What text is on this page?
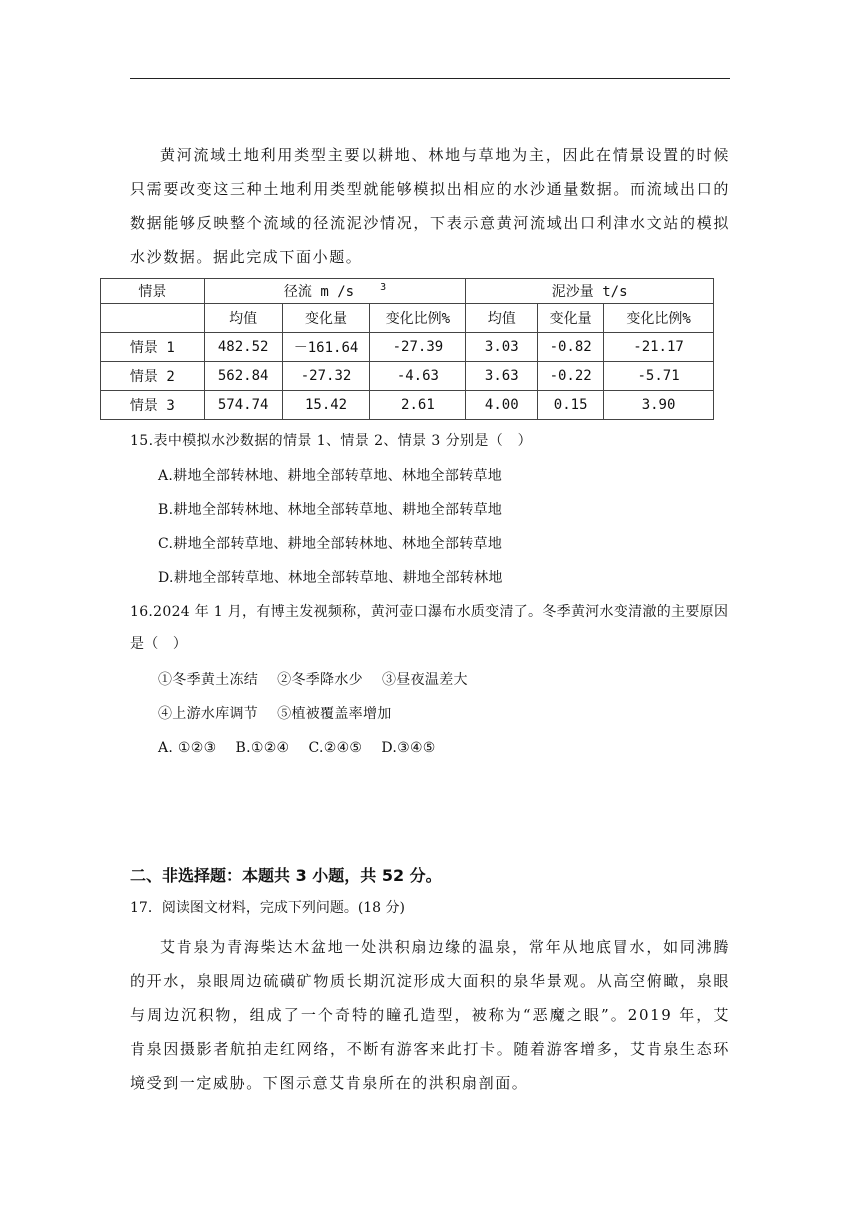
黄河流域土地利用类型主要以耕地、林地与草地为主，因此在情景设置的时候只需要改变这三种土地利用类型就能够模拟出相应的水沙通量数据。而流域出口的数据能够反映整个流域的径流泥沙情况，下表示意黄河流域出口利津水文站的模拟水沙数据。据此完成下面小题。

情景	径流 m /s $^3$			泥沙量 t/s		
	均值	变化量	变化比例%	均值	变化量	变化比例%
情景 1	482.52	－161.64	-27.39	3.03	-0.82	-21.17
情景 2	562.84	-27.32	-4.63	3.63	-0.22	-5.71
情景 3	574.74	15.42	2.61	4.00	0.15	3.90
15.表中模拟水沙数据的情景 1、情景 2、情景 3 分别是（　）
A.耕地全部转林地、耕地全部转草地、林地全部转草地
B.耕地全部转林地、林地全部转草地、耕地全部转草地
C.耕地全部转草地、耕地全部转林地、林地全部转草地
D.耕地全部转草地、林地全部转草地、耕地全部转林地
16.2024 年 1 月，有博主发视频称，黄河壶口瀑布水质变清了。冬季黄河水变清澈的主要原因是（　）
①冬季黄土冻结　 ②冬季降水少　 ③昼夜温差大
④上游水库调节　 ⑤植被覆盖率增加
A. ①②③　 B.①②④　 C.②④⑤　 D.③④⑤
二、非选择题：本题共 3 小题，共 52 分。
17．阅读图文材料，完成下列问题。(18 分)

艾肯泉为青海柴达木盆地一处洪积扇边缘的温泉，常年从地底冒水，如同沸腾的开水，泉眼周边硫磺矿物质长期沉淀形成大面积的泉华景观。从高空俯瞰，泉眼与周边沉积物，组成了一个奇特的瞳孔造型，被称为“恶魔之眼”。2019 年，艾肯泉因摄影者航拍走红网络，不断有游客来此打卡。随着游客增多，艾肯泉生态环境受到一定威胁。下图示意艾肯泉所在的洪积扇剖面。
